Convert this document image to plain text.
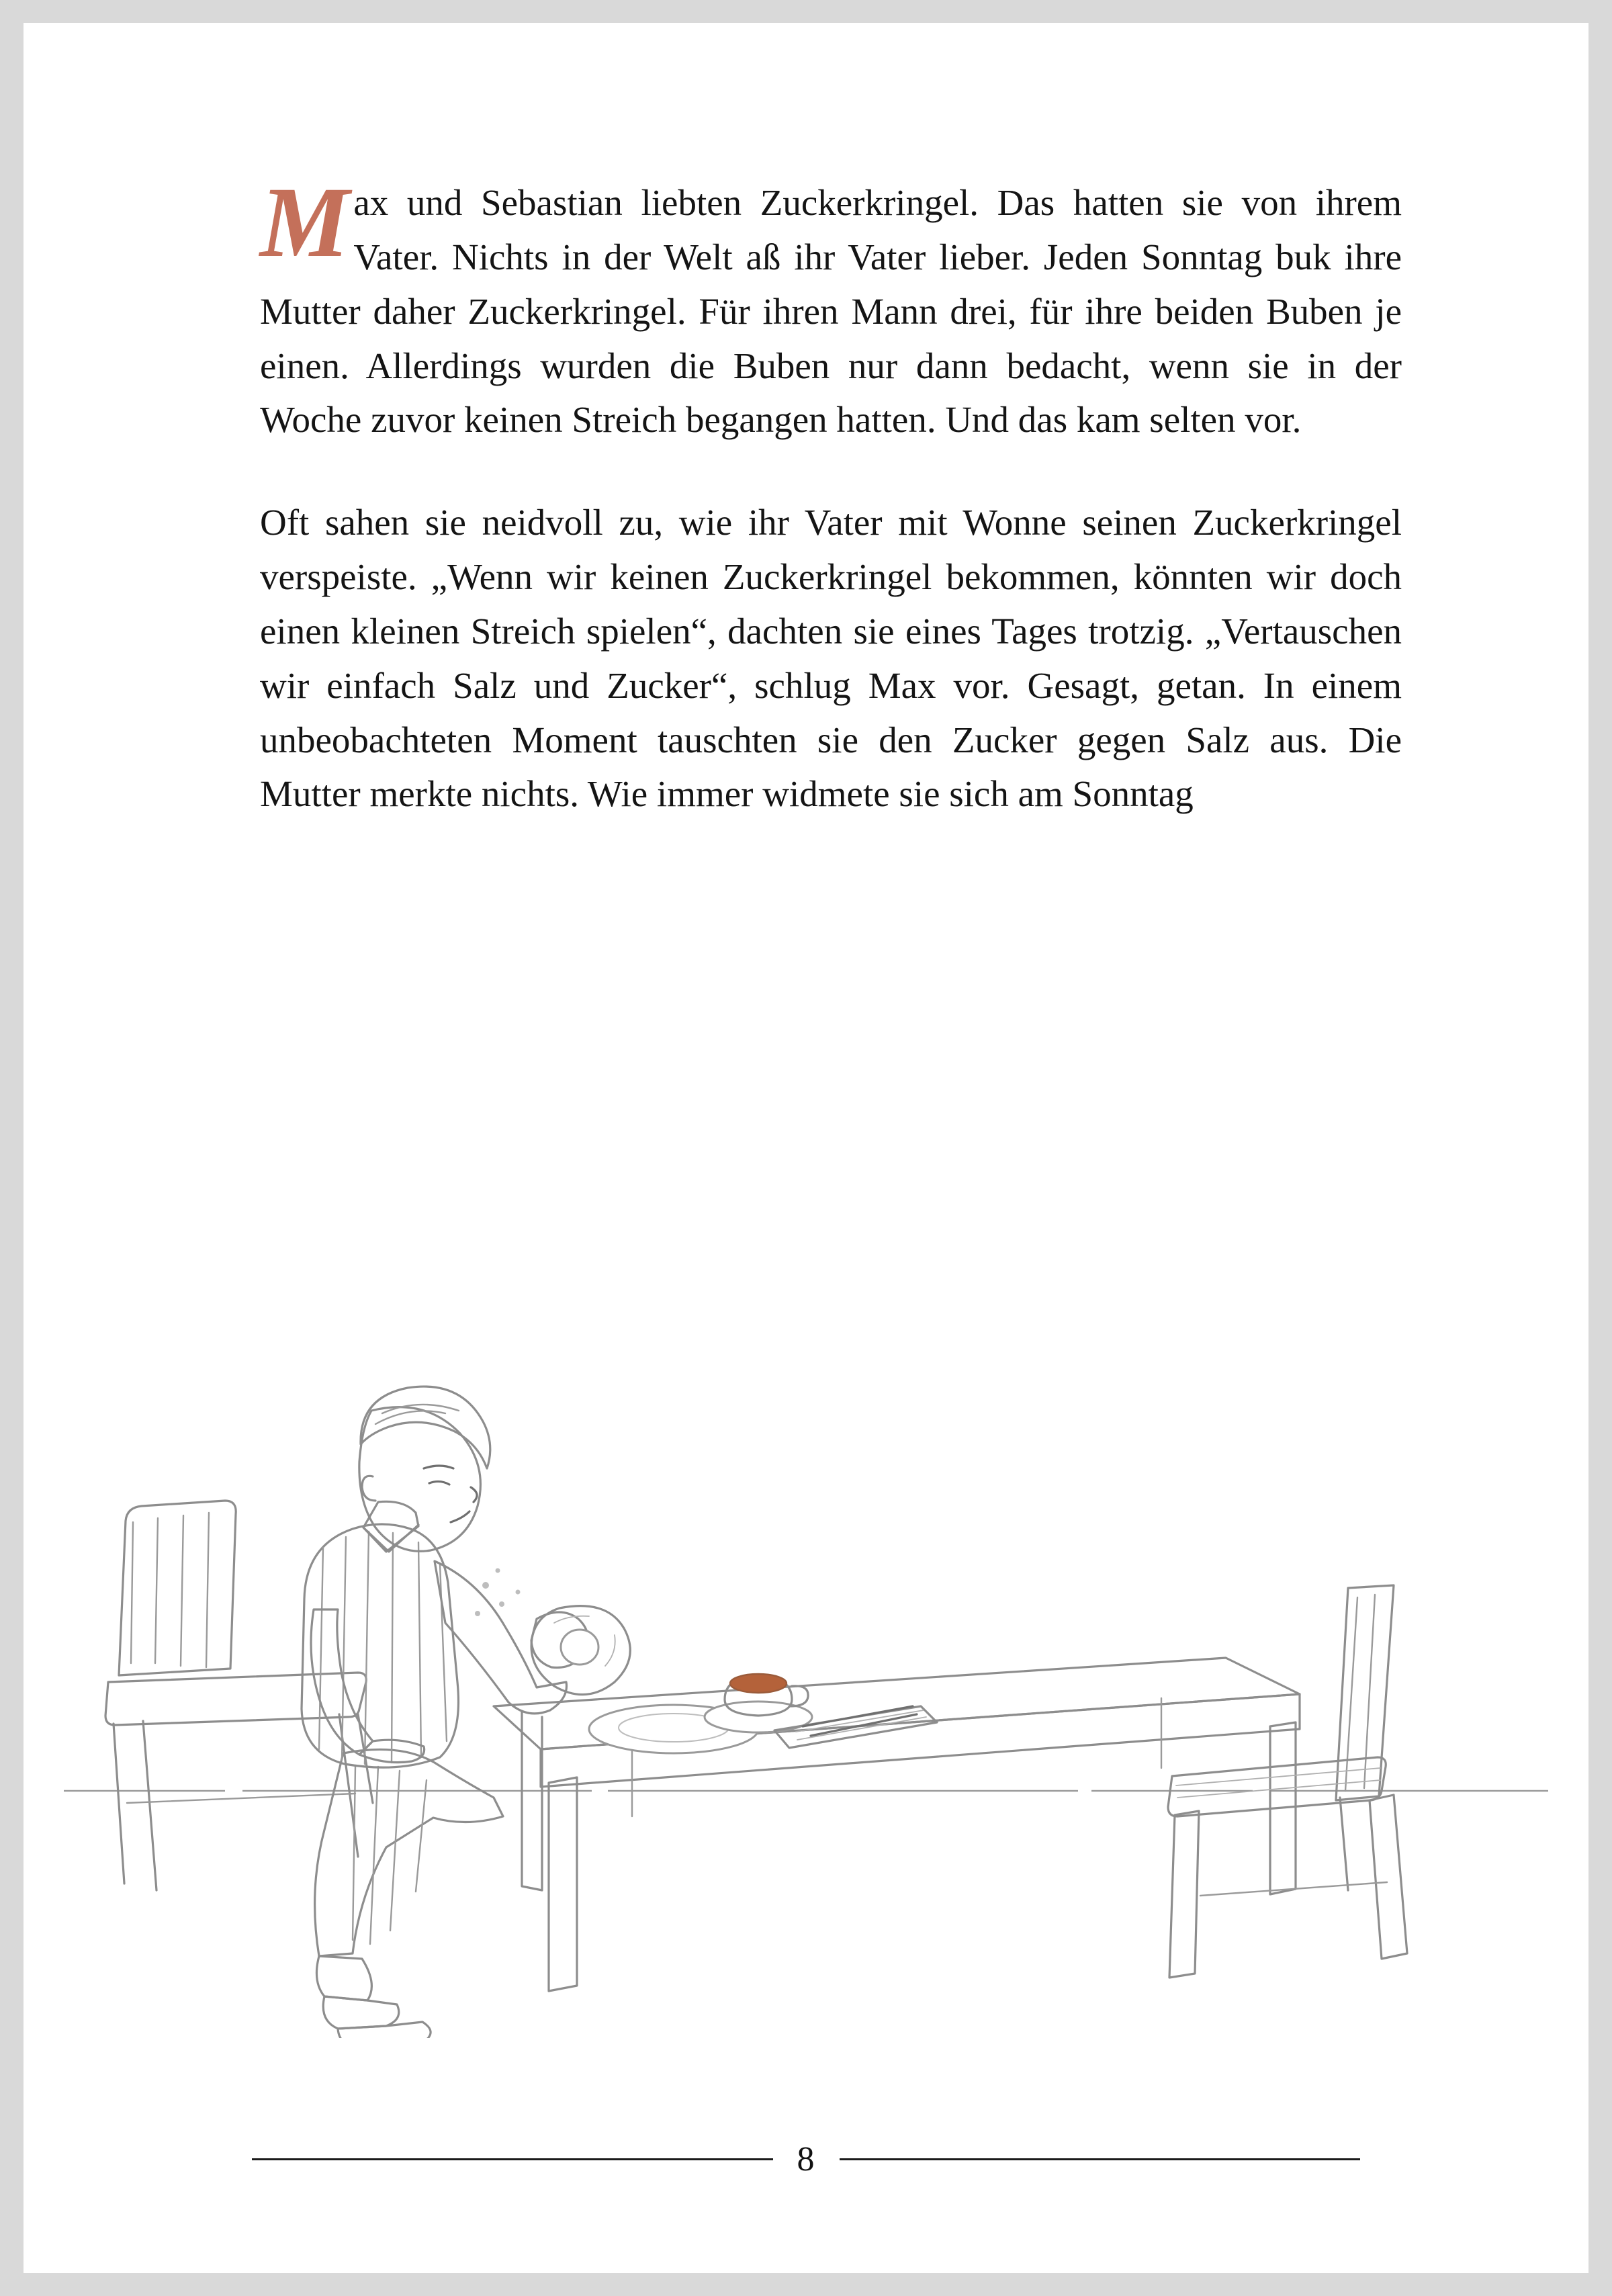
Max und Sebastian liebten Zuckerkringel. Das hatten sie von ihrem Vater. Nichts in der Welt aß ihr Vater lieber. Jeden Sonntag buk ihre Mutter daher Zuckerkringel. Für ihren Mann drei, für ihre beiden Buben je einen. Allerdings wurden die Buben nur dann bedacht, wenn sie in der Woche zuvor keinen Streich begangen hatten. Und das kam selten vor.

Oft sahen sie neidvoll zu, wie ihr Vater mit Wonne seinen Zuckerkringel verspeiste. „Wenn wir keinen Zuckerkringel bekommen, könnten wir doch einen kleinen Streich spielen“, dachten sie eines Tages trotzig. „Vertauschen wir einfach Salz und Zucker“, schlug Max vor. Gesagt, getan. In einem unbeobachteten Moment tauschten sie den Zucker gegen Salz aus. Die Mutter merkte nichts. Wie immer widmete sie sich am Sonntag

8
